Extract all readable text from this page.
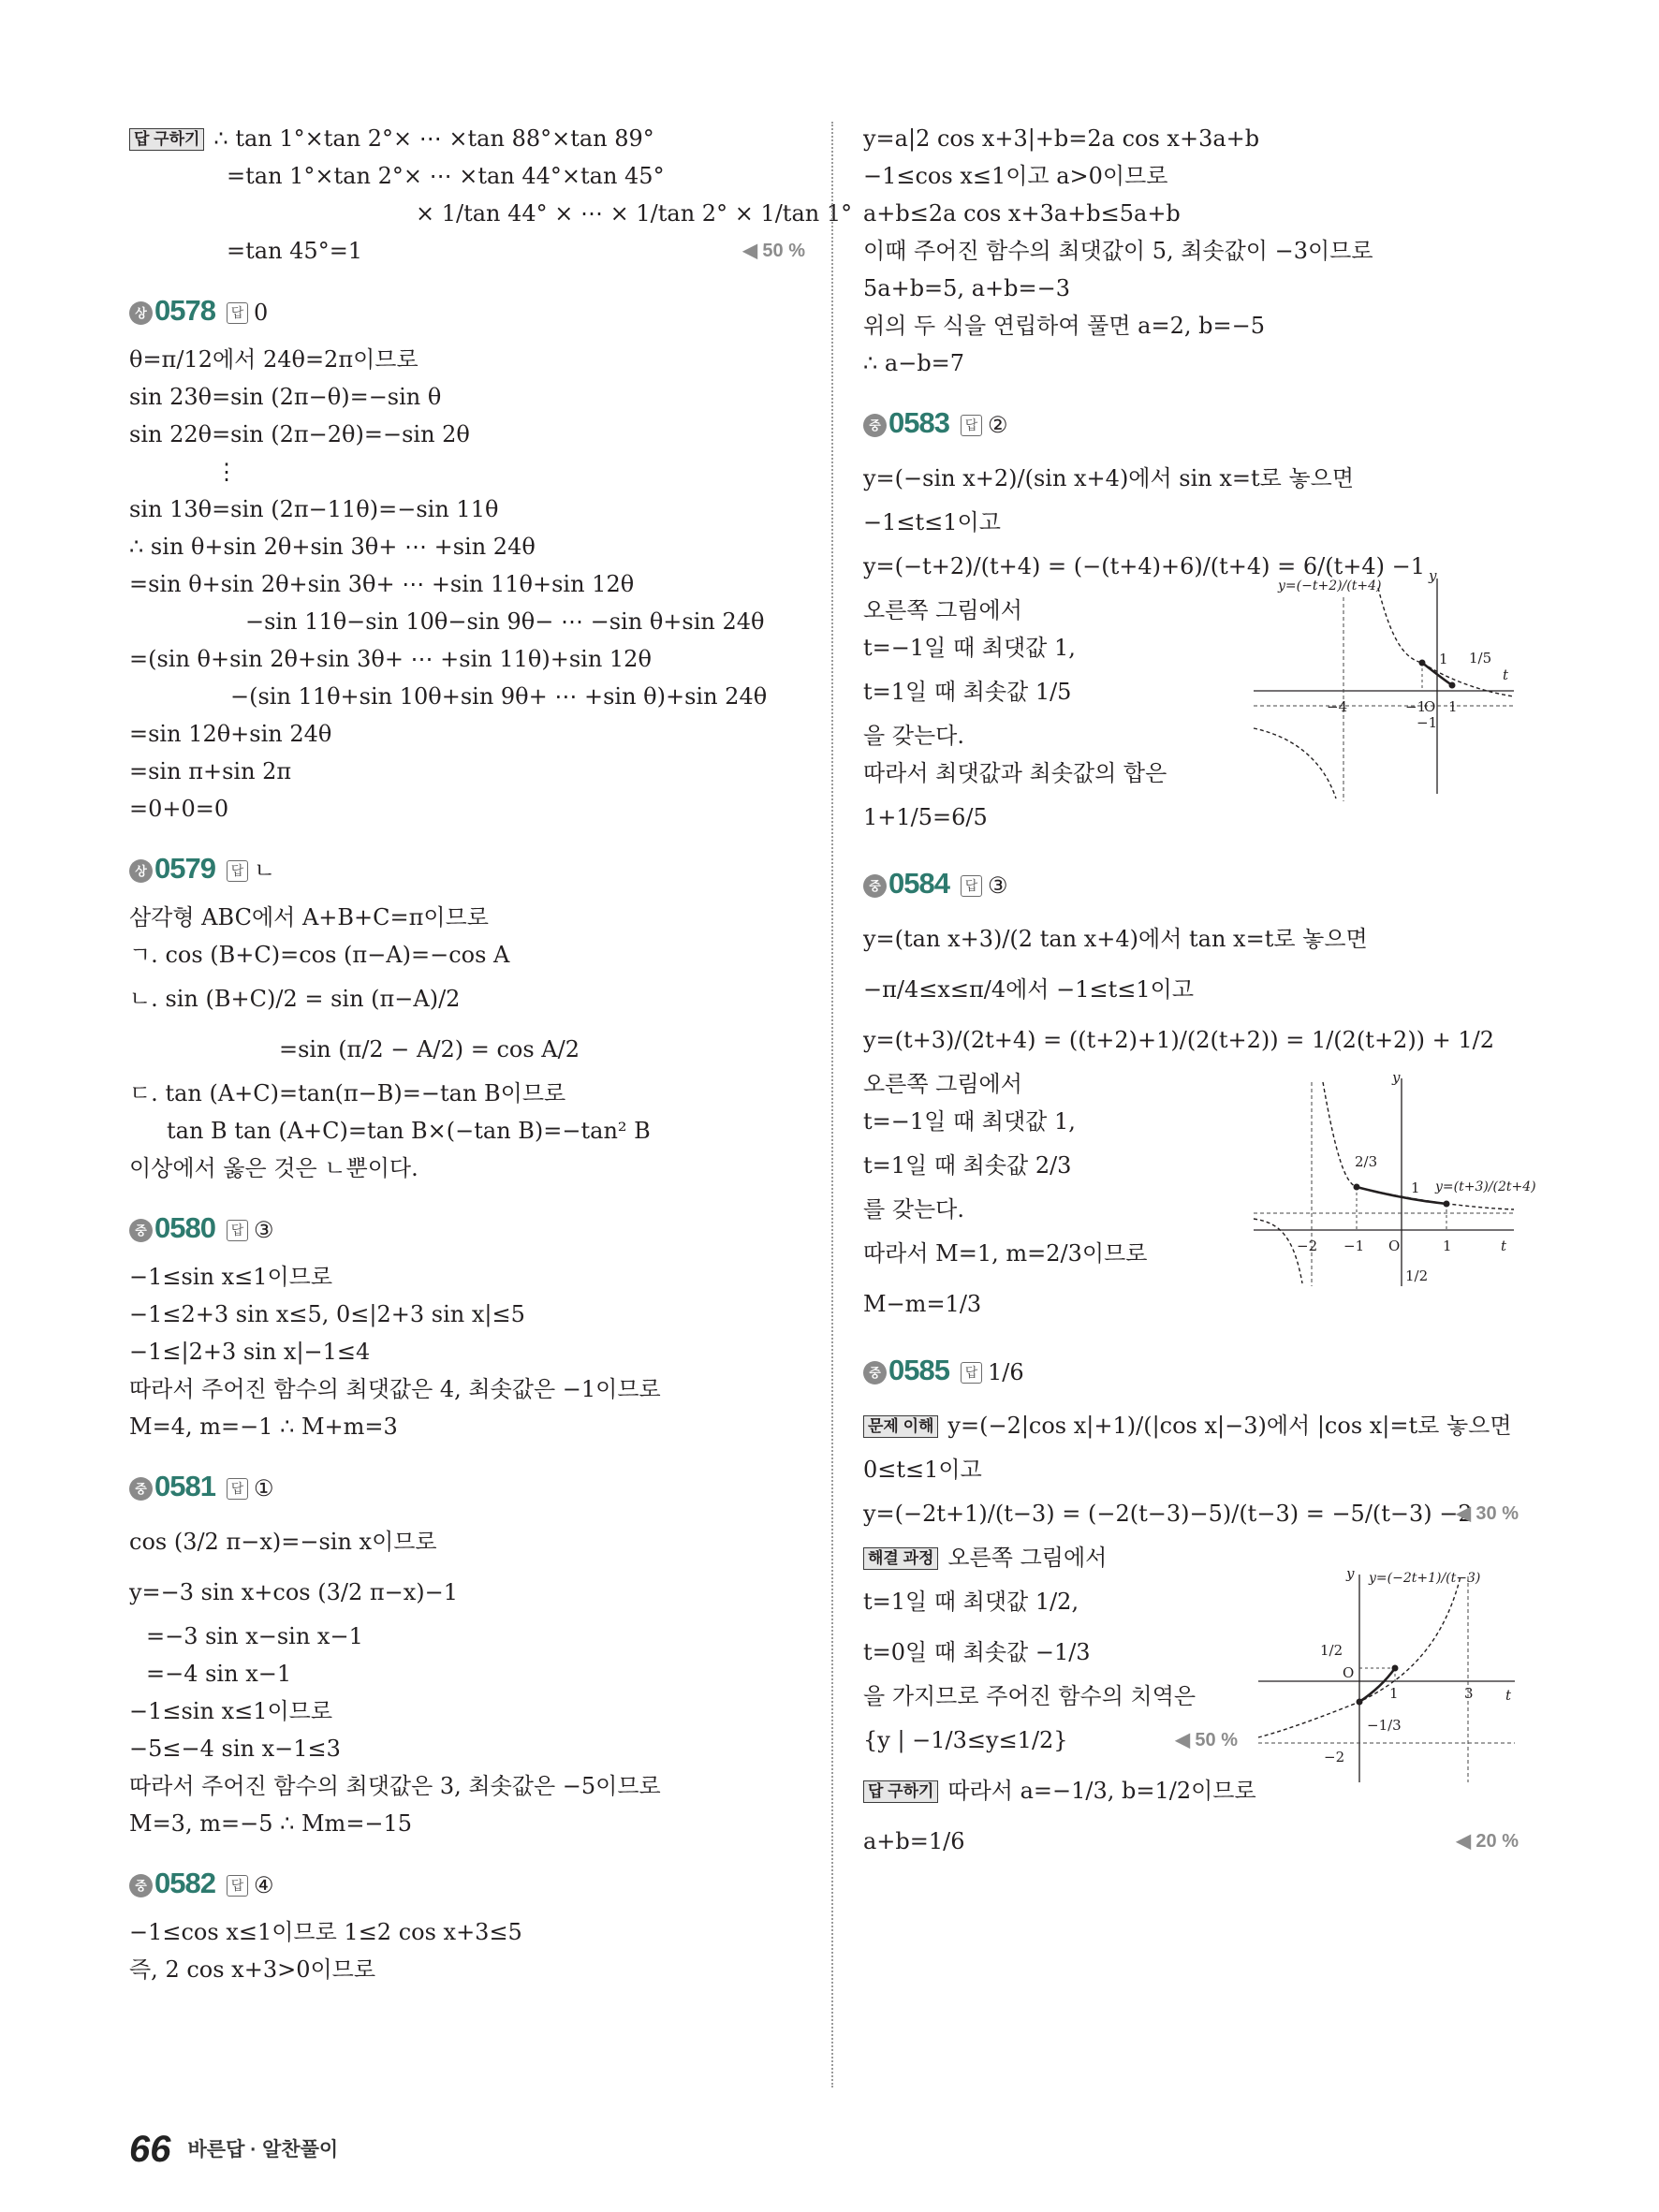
답 구하기 ∴ tan 1°×tan 2°× ⋯ ×tan 88°×tan 89°
=tan 1°×tan 2°× ⋯ ×tan 44°×tan 45°
× 1/tan 44° × ⋯ × 1/tan 2° × 1/tan 1°
=tan 45°=1	◀ 50 %
상 0578 답 0
θ=π/12에서 24θ=2π이므로
sin 23θ=sin (2π−θ)=−sin θ
sin 22θ=sin (2π−2θ)=−sin 2θ
⋮
sin 13θ=sin (2π−11θ)=−sin 11θ
∴ sin θ+sin 2θ+sin 3θ+ ⋯ +sin 24θ
=sin θ+sin 2θ+sin 3θ+ ⋯ +sin 11θ+sin 12θ
−sin 11θ−sin 10θ−sin 9θ− ⋯ −sin θ+sin 24θ
=(sin θ+sin 2θ+sin 3θ+ ⋯ +sin 11θ)+sin 12θ
−(sin 11θ+sin 10θ+sin 9θ+ ⋯ +sin θ)+sin 24θ
=sin 12θ+sin 24θ
=sin π+sin 2π
=0+0=0
상 0579 답 ㄴ
삼각형 ABC에서 A+B+C=π이므로
ㄱ. cos (B+C)=cos (π−A)=−cos A
ㄴ. sin (B+C)/2 = sin (π−A)/2
=sin (π/2 − A/2) = cos A/2
ㄷ. tan (A+C)=tan(π−B)=−tan B이므로
tan B tan (A+C)=tan B×(−tan B)=−tan² B
이상에서 옳은 것은 ㄴ뿐이다.
중 0580 답 ③
−1≤sin x≤1이므로
−1≤2+3 sin x≤5, 0≤|2+3 sin x|≤5
−1≤|2+3 sin x|−1≤4
따라서 주어진 함수의 최댓값은 4, 최솟값은 −1이므로
M=4, m=−1 ∴ M+m=3
중 0581 답 ①
cos (3/2 π−x)=−sin x이므로
y=−3 sin x+cos (3/2 π−x)−1
=−3 sin x−sin x−1
=−4 sin x−1
−1≤sin x≤1이므로
−5≤−4 sin x−1≤3
따라서 주어진 함수의 최댓값은 3, 최솟값은 −5이므로
M=3, m=−5 ∴ Mm=−15
중 0582 답 ④
−1≤cos x≤1이므로 1≤2 cos x+3≤5
즉, 2 cos x+3>0이므로
y=a|2 cos x+3|+b=2a cos x+3a+b
−1≤cos x≤1이고 a>0이므로
a+b≤2a cos x+3a+b≤5a+b
이때 주어진 함수의 최댓값이 5, 최솟값이 −3이므로
5a+b=5, a+b=−3
위의 두 식을 연립하여 풀면 a=2, b=−5
∴ a−b=7
중 0583 답 ②
y=(−sin x+2)/(sin x+4)에서 sin x=t로 놓으면
−1≤t≤1이고
y=(−t+2)/(t+4) = (−(t+4)+6)/(t+4) = 6/(t+4) −1
오른쪽 그림에서
t=−1일 때 최댓값 1,
t=1일 때 최솟값 1/5
을 갖는다.
따라서 최댓값과 최솟값의 합은
1+1/5=6/5
y
t
y=(−t+2)/(t+4)
1 1/5
−4	−1
O 1
−1
중 0584 답 ③
y=(tan x+3)/(2 tan x+4)에서 tan x=t로 놓으면
−π/4≤x≤π/4에서 −1≤t≤1이고
y=(t+3)/(2t+4) = ((t+2)+1)/(2(t+2)) = 1/(2(t+2)) + 1/2
오른쪽 그림에서
t=−1일 때 최댓값 1,
t=1일 때 최솟값 2/3
를 갖는다.
따라서 M=1, m=2/3이므로
M−m=1/3
y
t
y=(t+3)/(2t+4)
2/3
1
−2 −1 O	1
1/2
중 0585 답 1/6
문제 이해 y=(−2|cos x|+1)/(|cos x|−3)에서 |cos x|=t로 놓으면
0≤t≤1이고
y=(−2t+1)/(t−3) = (−2(t−3)−5)/(t−3) = −5/(t−3) −2
◀ 30 %
해결 과정 오른쪽 그림에서
t=1일 때 최댓값 1/2,
t=0일 때 최솟값 −1/3
을 가지므로 주어진 함수의 치역은
{y | −1/3≤y≤1/2}	◀ 50 %
답 구하기 따라서 a=−1/3, b=1/2이므로
a+b=1/6	◀ 20 %
y
t
y=(−2t+1)/(t−3)
1/2
O
1	3
−1/3
−2
66 바른답 · 알찬풀이
